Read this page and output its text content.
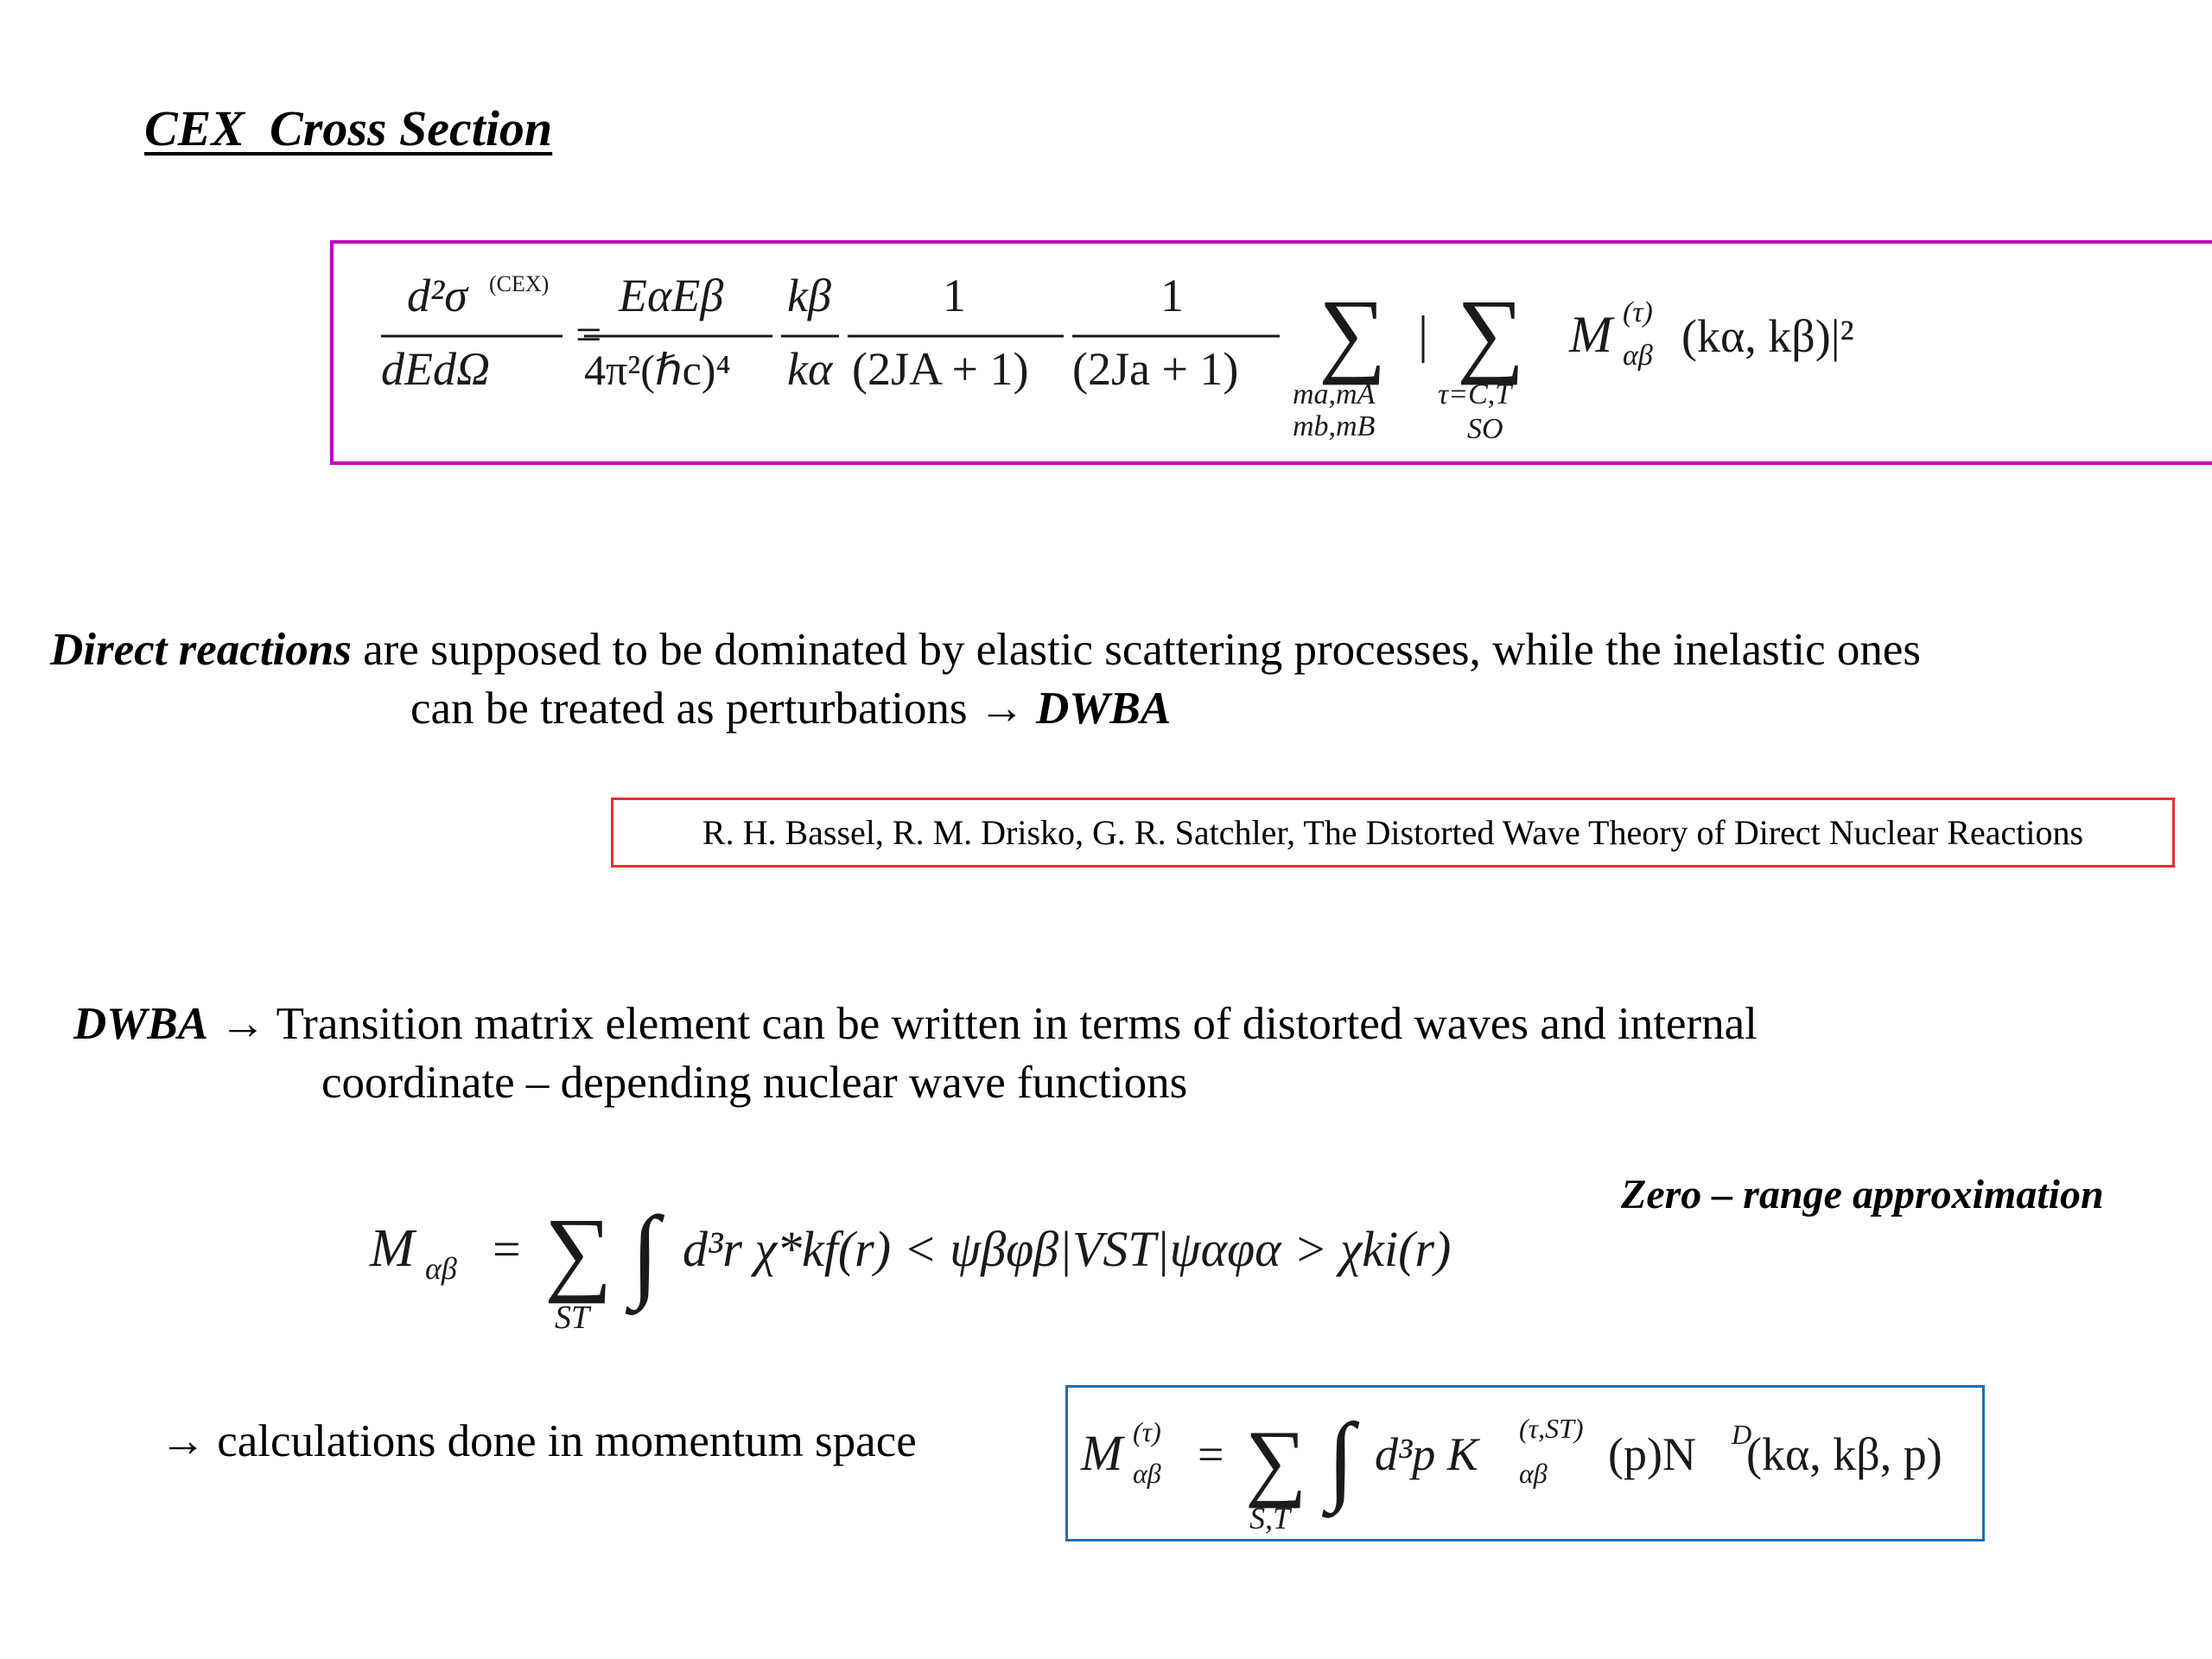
CEX  Cross Section
d²σ (CEX)
dEdΩ
=
EαEβ
4π²(ℏc)⁴
kβ
kα
1
(2JA + 1)
1
(2Ja + 1) ∑
ma,mA
mb,mB
| ∑
τ=C,T
SO
M (τ)
αβ (kα, kβ)|²
Direct reactions are supposed to be dominated by elastic scattering processes, while the inelastic ones
can be treated as perturbations → DWBA
R. H. Bassel, R. M. Drisko, G. R. Satchler, The Distorted Wave Theory of Direct Nuclear Reactions
DWBA → Transition matrix element can be written in terms of distorted waves and internal
coordinate – depending nuclear wave functions
Zero – range approximation
M αβ = ∑
ST
∫ d³r χ*kf(r) < ψβφβ|VST|ψαφα > χki(r)
→ calculations done in momentum space	M (τ)
αβ = ∑
S,T
∫ d³p K (τ,ST)
αβ (p)N D
(kα, kβ, p)
